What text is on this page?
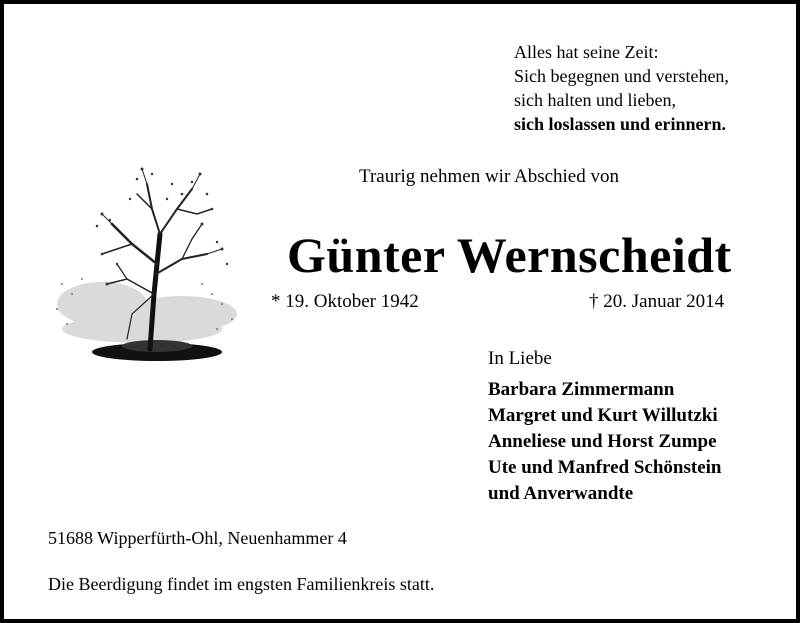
Alles hat seine Zeit:
Sich begegnen und verstehen,
sich halten und lieben,
sich loslassen und erinnern.
Traurig nehmen wir Abschied von
Günter Wernscheidt
* 19. Oktober 1942	† 20. Januar 2014
In Liebe
Barbara Zimmermann
Margret und Kurt Willutzki
Anneliese und Horst Zumpe
Ute und Manfred Schönstein
und Anverwandte
51688 Wipperfürth-Ohl, Neuenhammer 4
Die Beerdigung findet im engsten Familienkreis statt.
